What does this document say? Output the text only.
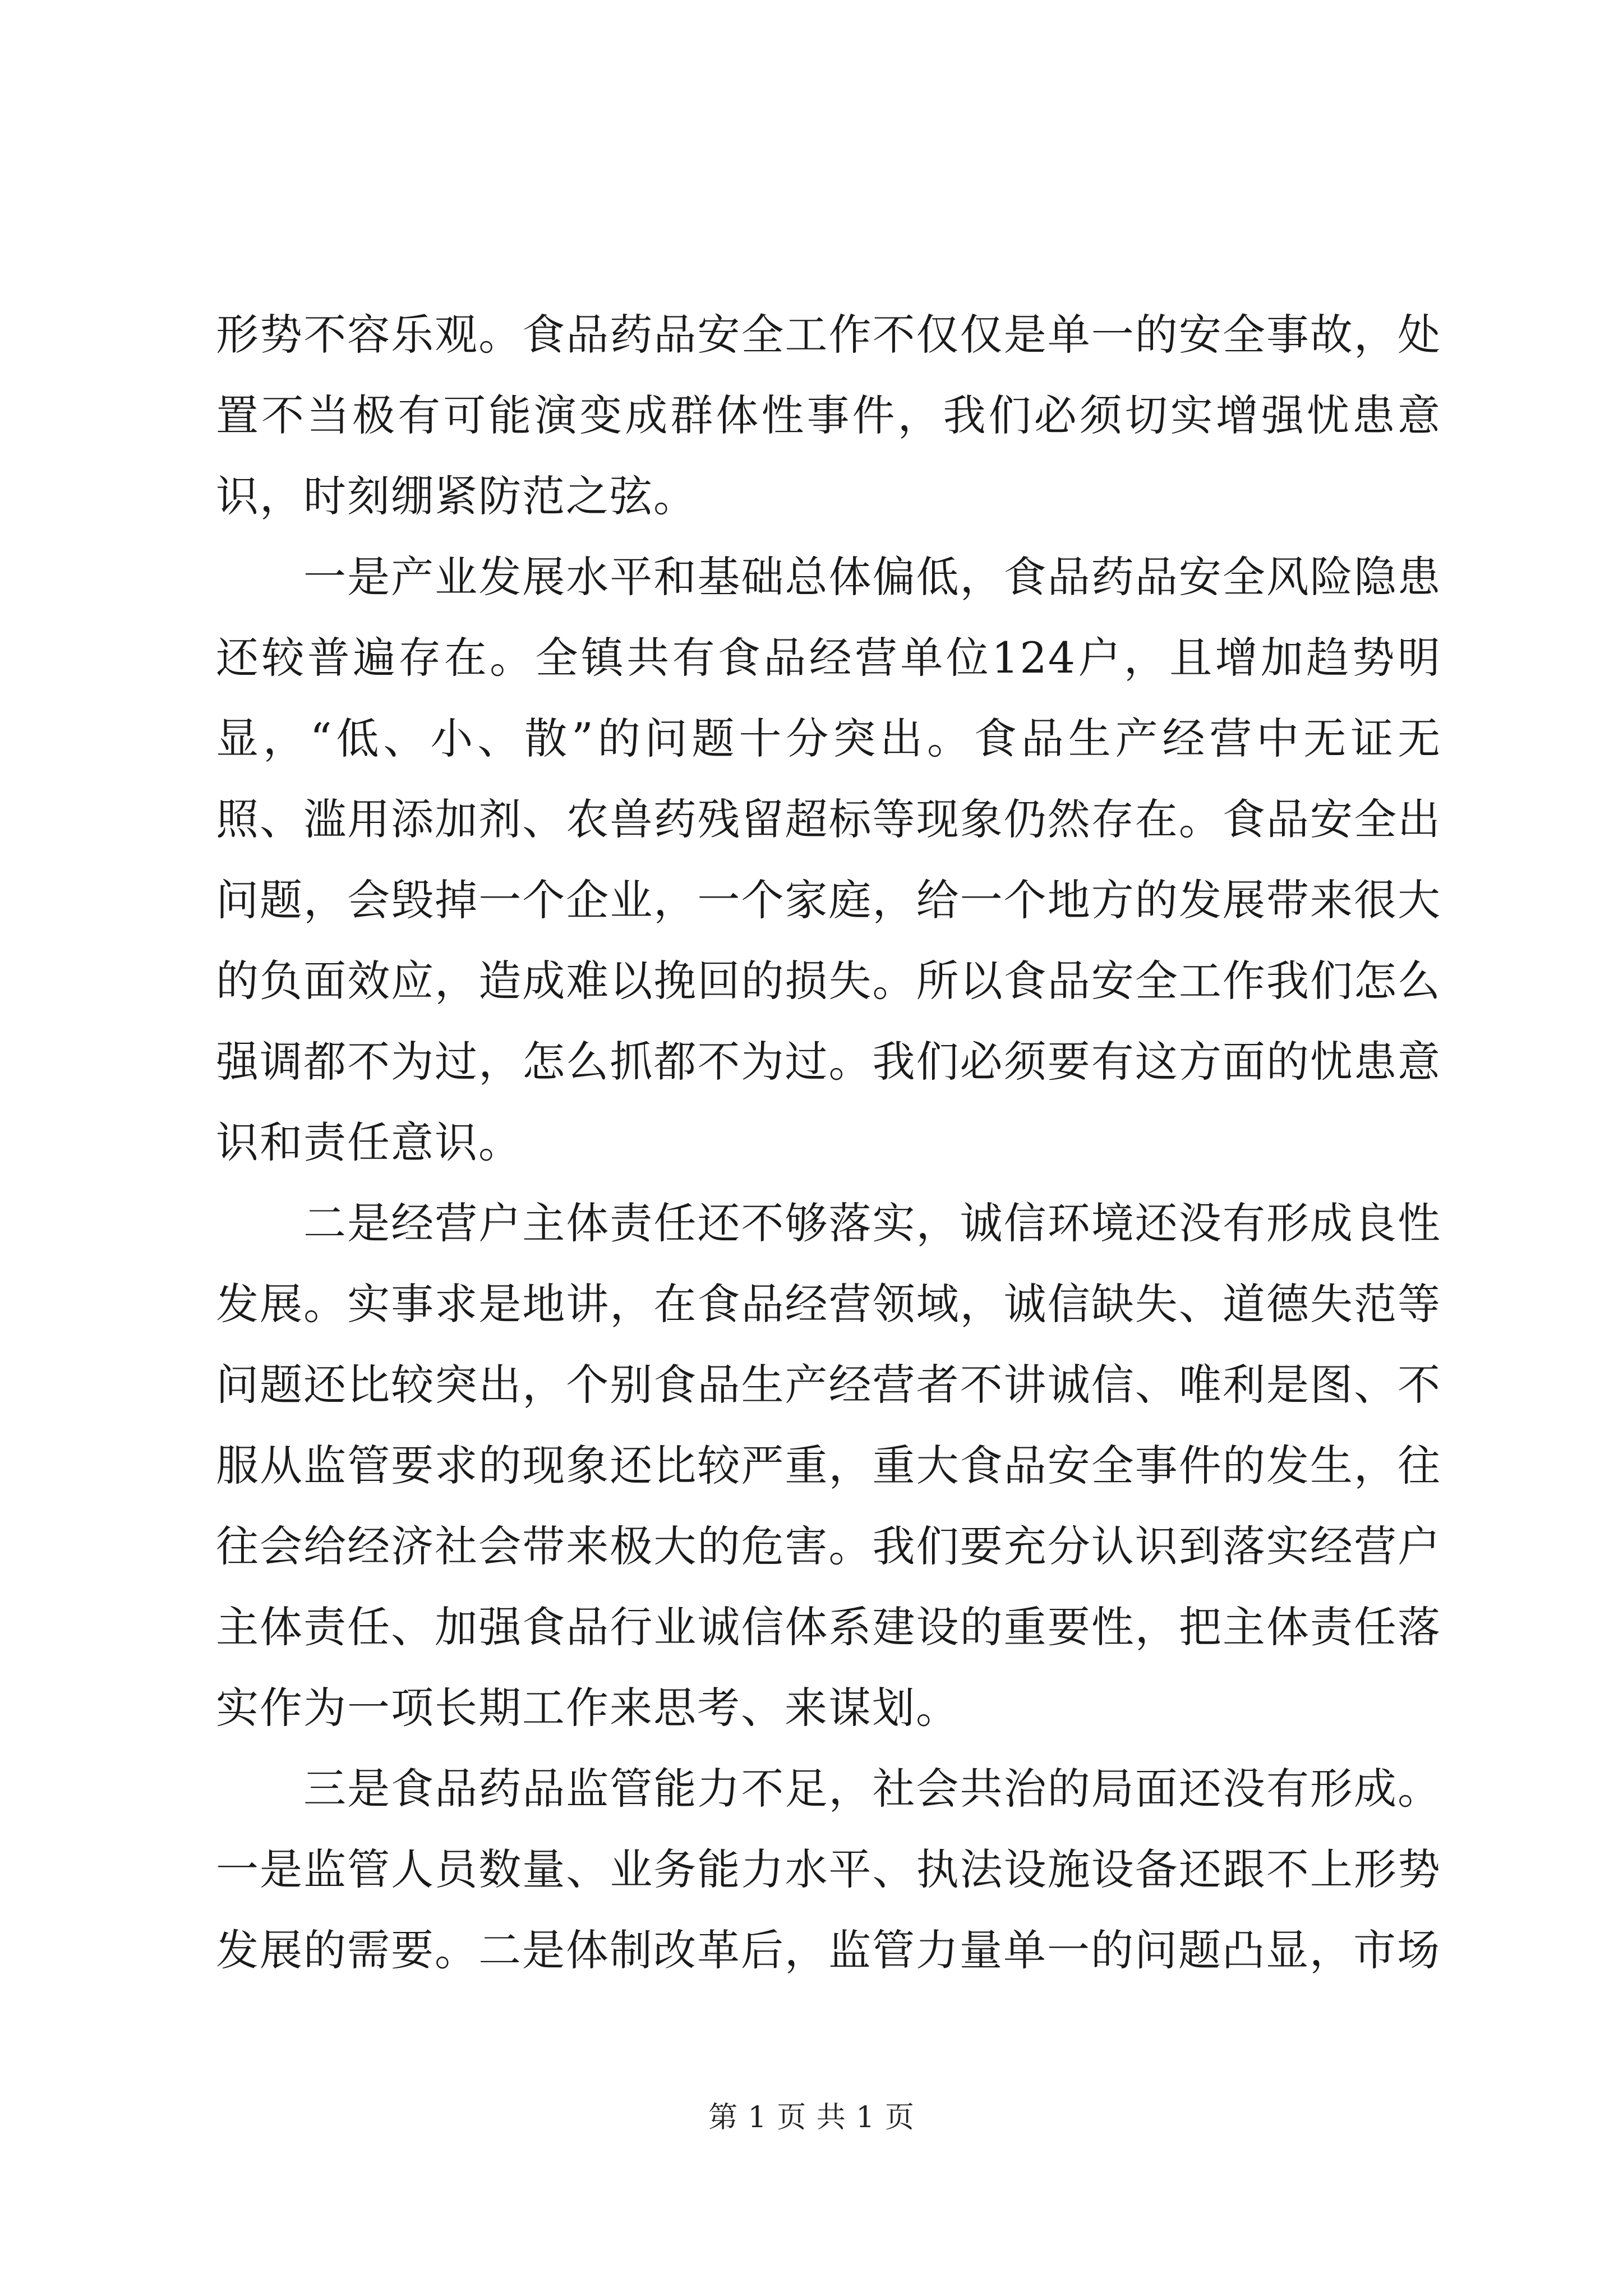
形势不容乐观。食品药品安全工作不仅仅是单一的安全事故，处置不当极有可能演变成群体性事件，我们必须切实增强忧患意识，时刻绷紧防范之弦。

一是产业发展水平和基础总体偏低，食品药品安全风险隐患还较普遍存在。全镇共有食品经营单位124户，且增加趋势明显，“低、小、散”的问题十分突出。食品生产经营中无证无照、滥用添加剂、农兽药残留超标等现象仍然存在。食品安全出问题，会毁掉一个企业，一个家庭，给一个地方的发展带来很大的负面效应，造成难以挽回的损失。所以食品安全工作我们怎么强调都不为过，怎么抓都不为过。我们必须要有这方面的忧患意识和责任意识。

二是经营户主体责任还不够落实，诚信环境还没有形成良性发展。实事求是地讲，在食品经营领域，诚信缺失、道德失范等问题还比较突出，个别食品生产经营者不讲诚信、唯利是图、不服从监管要求的现象还比较严重，重大食品安全事件的发生，往往会给经济社会带来极大的危害。我们要充分认识到落实经营户主体责任、加强食品行业诚信体系建设的重要性，把主体责任落实作为一项长期工作来思考、来谋划。

三是食品药品监管能力不足，社会共治的局面还没有形成。一是监管人员数量、业务能力水平、执法设施设备还跟不上形势发展的需要。二是体制改革后，监管力量单一的问题凸显，市场

第 1 页 共 1 页
